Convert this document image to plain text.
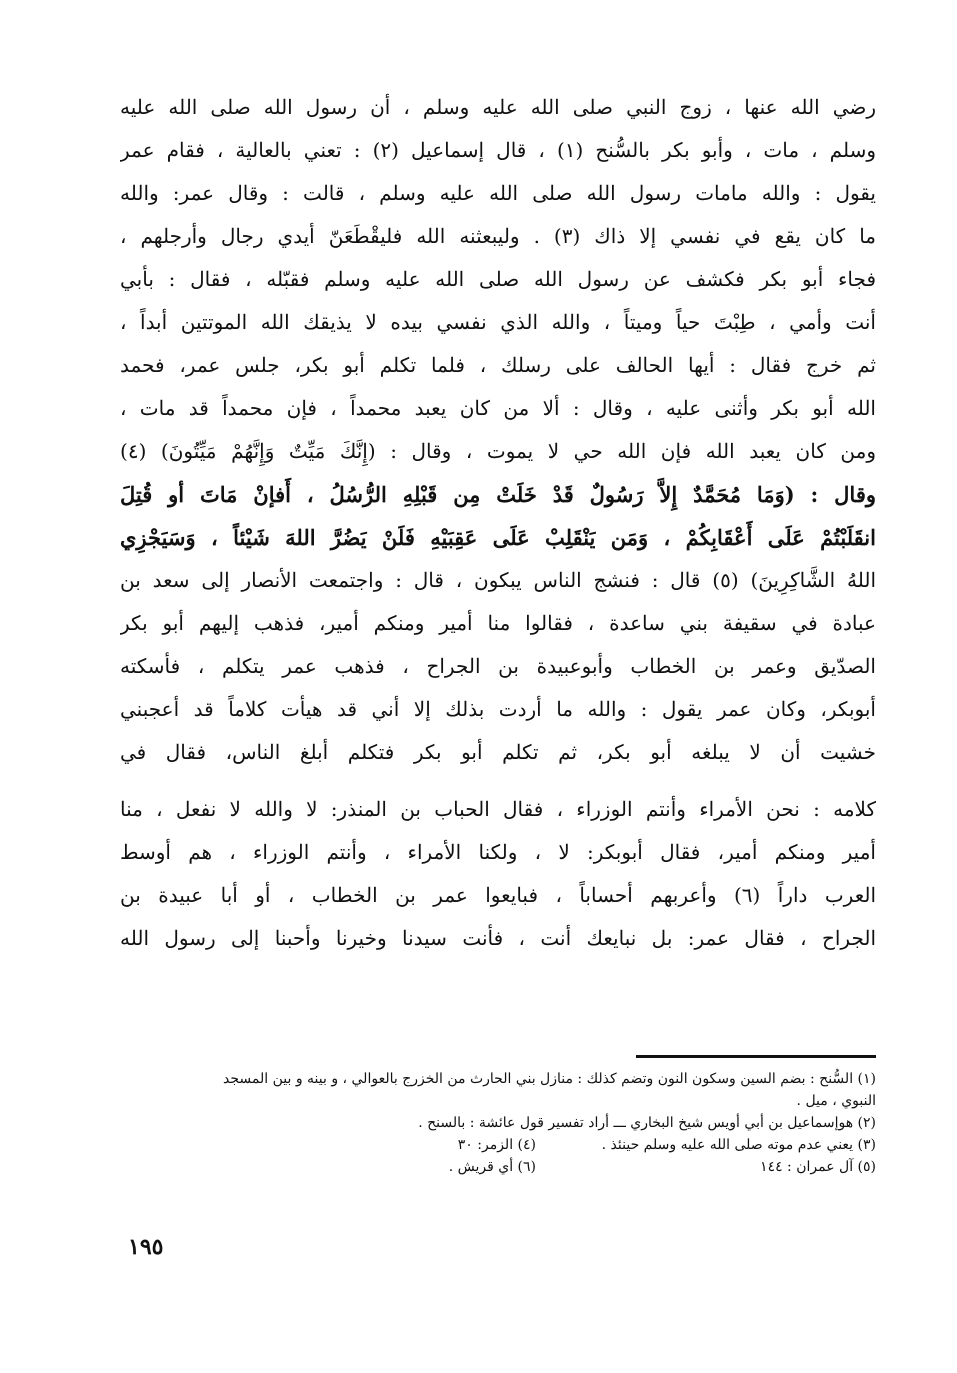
رضي الله عنها ، زوج النبي صلى الله عليه وسلم ، أن رسول الله صلى الله عليه
وسلم ، مات ، وأبو بكر بالسُّنح (١) ، قال إسماعيل (٢) : تعني بالعالية ، فقام عمر
يقول : والله مامات رسول الله صلى الله عليه وسلم ، قالت : وقال عمر: والله
ما كان يقع في نفسي إلا ذاك (٣) . وليبعثنه الله فليقْطَعَنّ أيدي رجال وأرجلهم ،
فجاء أبو بكر فكشف عن رسول الله صلى الله عليه وسلم فقبّله ، فقال : بأبي
أنت وأمي ، طِبْتَ حياً وميتاً ، والله الذي نفسي بيده لا يذيقك الله الموتتين أبداً ،
ثم خرج فقال : أيها الحالف على رسلك ، فلما تكلم أبو بكر، جلس عمر، فحمد
الله أبو بكر وأثنى عليه ، وقال : ألا من كان يعبد محمداً ، فإن محمداً قد مات ،
ومن كان يعبد الله فإن الله حي لا يموت ، وقال : (إِنَّكَ مَيِّتٌ وَإِنَّهُمْ مَيِّتُونَ) (٤)
وقال : (وَمَا مُحَمَّدٌ إِلاَّ رَسُولٌ قَدْ خَلَتْ مِن قَبْلِهِ الرُّسُلُ ، أَفإنْ مَاتَ أو قُتِلَ
انقَلَبْتُمْ عَلَى أَعْقَابِكُمْ ، وَمَن يَنْقَلِبْ عَلَى عَقِبَيْهِ فَلَنْ يَضُرَّ اللهَ شَيْئاً ، وَسَيَجْزِي
اللهُ الشَّاكِرِينَ) (٥) قال : فنشج الناس يبكون ، قال : واجتمعت الأنصار إلى سعد بن
عبادة في سقيفة بني ساعدة ، فقالوا منا أمير ومنكم أمير، فذهب إليهم أبو بكر
الصدّيق وعمر بن الخطاب وأبوعبيدة بن الجراح ، فذهب عمر يتكلم ، فأسكته
أبوبكر، وكان عمر يقول : والله ما أردت بذلك إلا أني قد هيأت كلاماً قد أعجبني
خشيت أن لا يبلغه أبو بكر، ثم تكلم أبو بكر فتكلم أبلغ الناس، فقال في
كلامه : نحن الأمراء وأنتم الوزراء ، فقال الحباب بن المنذر: لا والله لا نفعل ، منا
أمير ومنكم أمير، فقال أبوبكر: لا ، ولكنا الأمراء ، وأنتم الوزراء ، هم أوسط
العرب داراً (٦) وأعربهم أحساباً ، فبايعوا عمر بن الخطاب ، أو أبا عبيدة بن
الجراح ، فقال عمر: بل نبايعك أنت ، فأنت سيدنا وخيرنا وأحبنا إلى رسول الله
(١) السُّنح : بضم السين وسكون النون وتضم كذلك : منازل بني الحارث من الخزرج بالعوالي ، و بينه و بين المسجد
النبوي ، ميل .
(٢) هوإسماعيل بن أبي أويس شيخ البخاري ـــ أراد تفسير قول عائشة : بالسنح .
(٣) يعني عدم موته صلى الله عليه وسلم حينئذ .
(٤) الزمر: ٣٠
(٥) آل عمران : ١٤٤
(٦) أي قريش .
١٩٥
